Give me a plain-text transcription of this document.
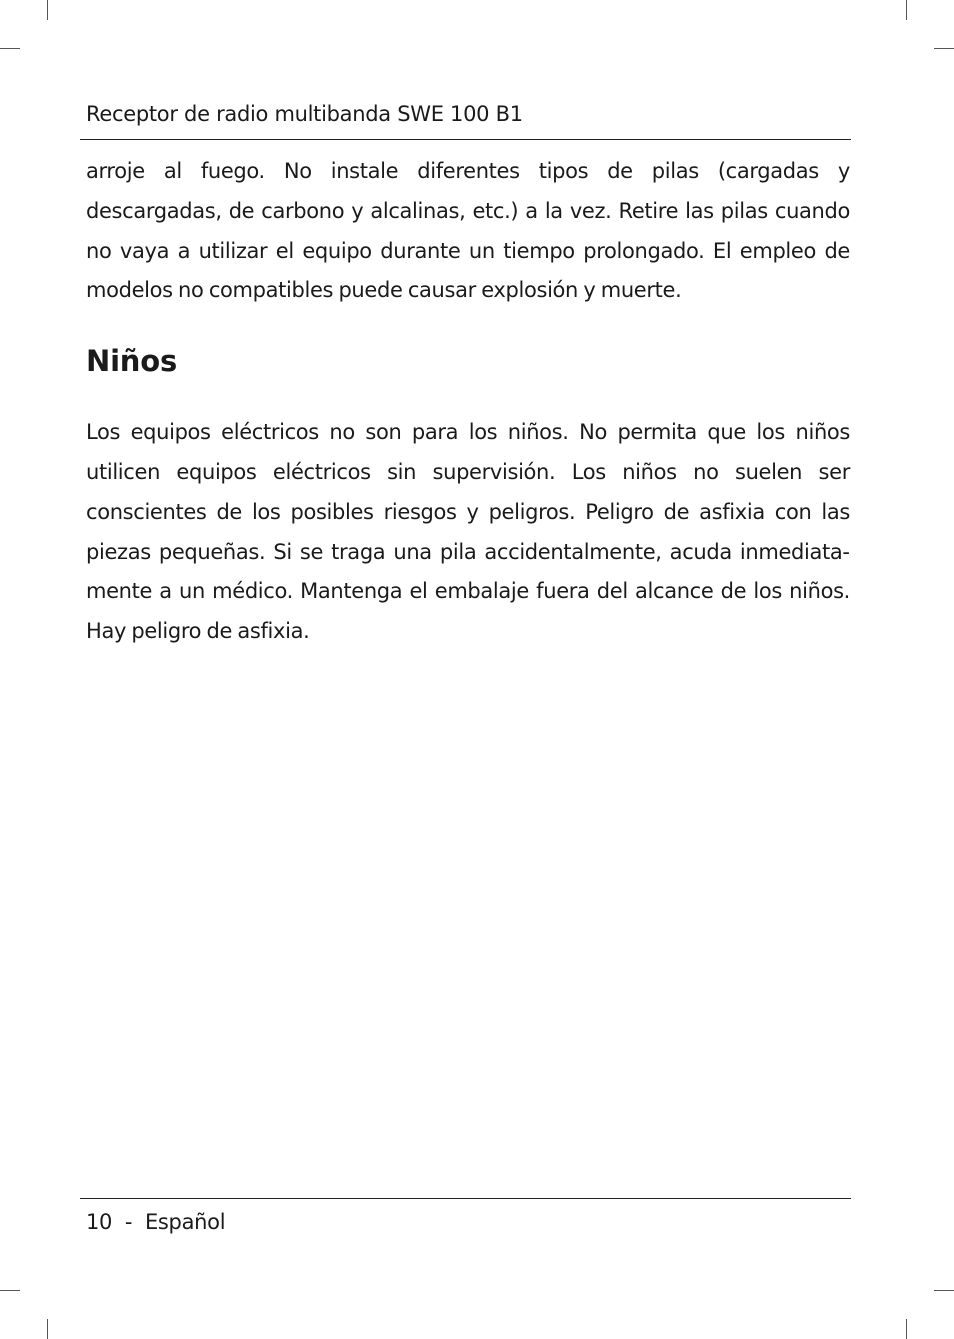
Receptor de radio multibanda SWE 100 B1

arroje al fuego. No instale diferentes tipos de pilas (cargadas y descargadas, de carbono y alcalinas, etc.) a la vez. Retire las pilas cuando no vaya a utilizar el equipo durante un tiempo prolongado. El empleo de modelos no compatibles puede causar explosión y muerte.

Niños

Los equipos eléctricos no son para los niños. No permita que los niños utilicen equipos eléctricos sin supervisión. Los niños no suelen ser conscientes de los posibles riesgos y peligros. Peligro de asfixia con las piezas pequeñas. Si se traga una pila accidentalmente, acuda inmediatamente a un médico. Mantenga el embalaje fuera del alcance de los niños. Hay peligro de asfixia.

10 - Español
